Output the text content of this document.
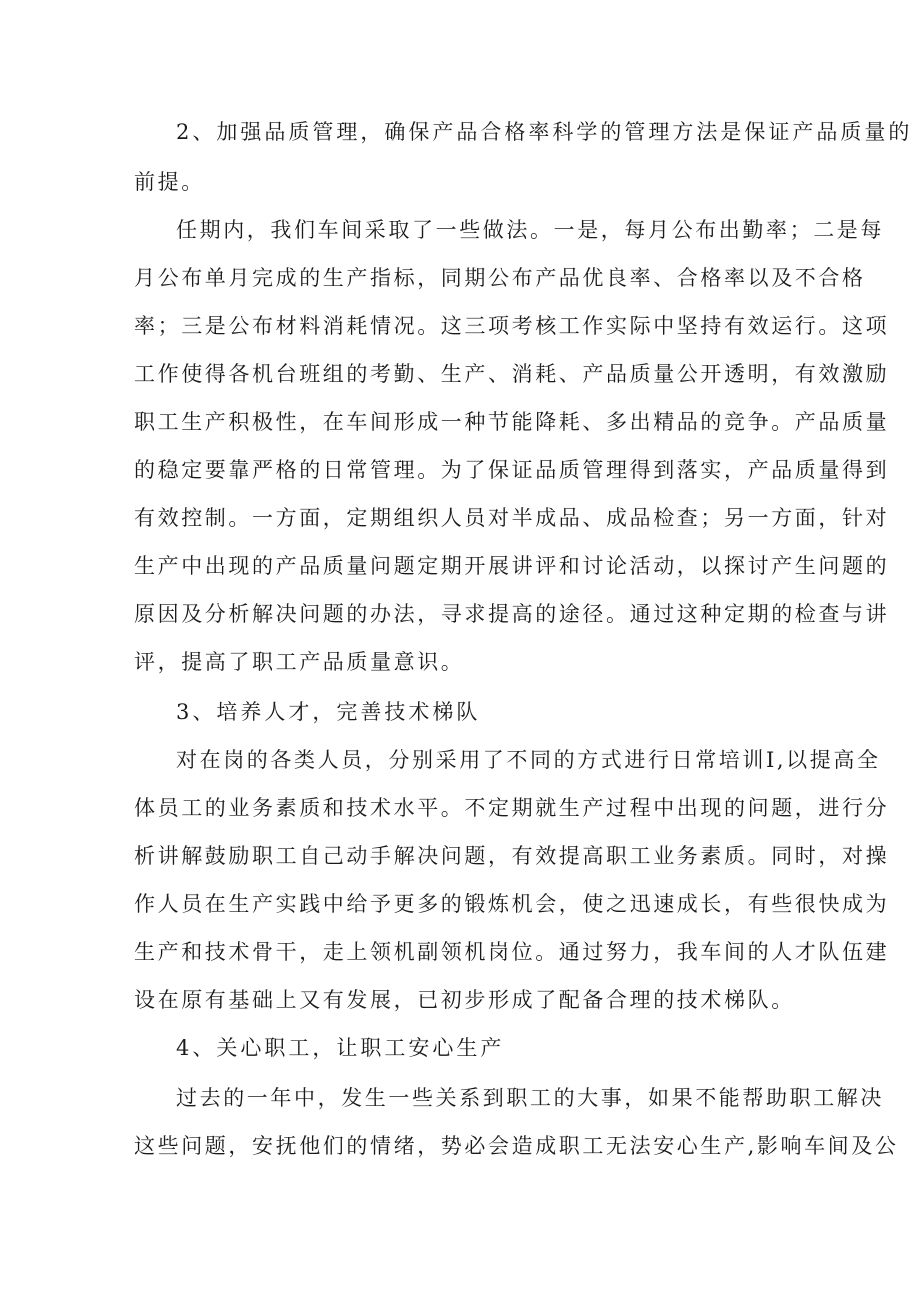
2、加强品质管理，确保产品合格率科学的管理方法是保证产品质量的
前提。
任期内，我们车间采取了一些做法。一是，每月公布出勤率；二是每
月公布单月完成的生产指标，同期公布产品优良率、合格率以及不合格
率；三是公布材料消耗情况。这三项考核工作实际中坚持有效运行。这项
工作使得各机台班组的考勤、生产、消耗、产品质量公开透明，有效激励
职工生产积极性，在车间形成一种节能降耗、多出精品的竞争。产品质量
的稳定要靠严格的日常管理。为了保证品质管理得到落实，产品质量得到
有效控制。一方面，定期组织人员对半成品、成品检查；另一方面，针对
生产中出现的产品质量问题定期开展讲评和讨论活动，以探讨产生问题的
原因及分析解决问题的办法，寻求提高的途径。通过这种定期的检查与讲
评，提高了职工产品质量意识。
3、培养人才，完善技术梯队
对在岗的各类人员，分别采用了不同的方式进行日常培训I,以提高全
体员工的业务素质和技术水平。不定期就生产过程中出现的问题，进行分
析讲解鼓励职工自己动手解决问题，有效提高职工业务素质。同时，对操
作人员在生产实践中给予更多的锻炼机会，使之迅速成长，有些很快成为
生产和技术骨干，走上领机副领机岗位。通过努力，我车间的人才队伍建
设在原有基础上又有发展，已初步形成了配备合理的技术梯队。
4、关心职工，让职工安心生产
过去的一年中，发生一些关系到职工的大事，如果不能帮助职工解决
这些问题，安抚他们的情绪，势必会造成职工无法安心生产,影响车间及公
